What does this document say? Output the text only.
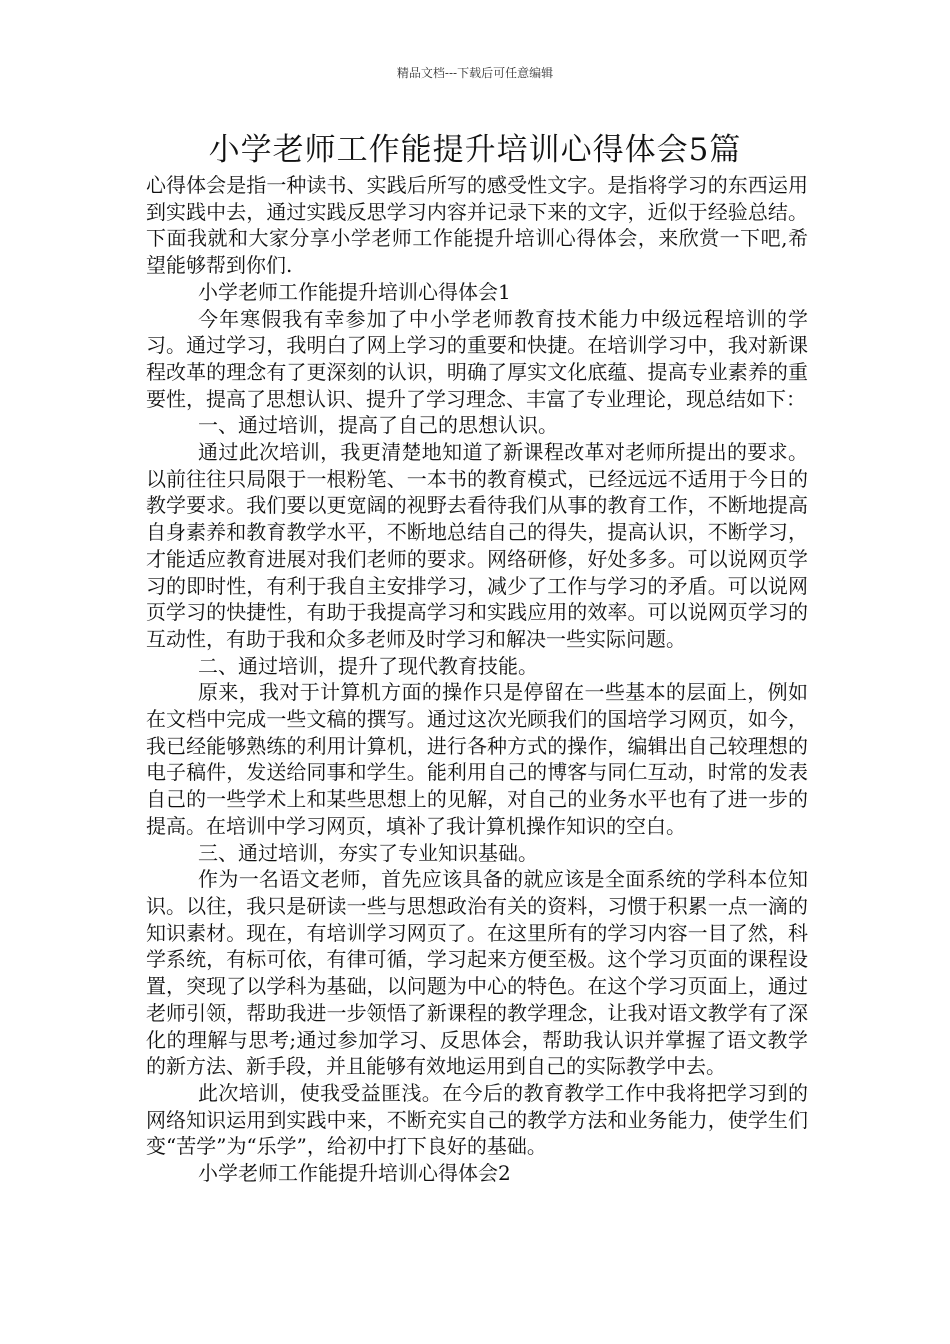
精品文档---下载后可任意编辑
小学老师工作能提升培训心得体会5篇

心得体会是指一种读书、实践后所写的感受性文字。是指将学习的东西运用到实践中去，通过实践反思学习内容并记录下来的文字，近似于经验总结。下面我就和大家分享小学老师工作能提升培训心得体会，来欣赏一下吧,希望能够帮到你们.

小学老师工作能提升培训心得体会1

今年寒假我有幸参加了中小学老师教育技术能力中级远程培训的学习。通过学习，我明白了网上学习的重要和快捷。在培训学习中，我对新课程改革的理念有了更深刻的认识，明确了厚实文化底蕴、提高专业素养的重要性，提高了思想认识、提升了学习理念、丰富了专业理论，现总结如下：

一、通过培训，提高了自己的思想认识。

通过此次培训，我更清楚地知道了新课程改革对老师所提出的要求。以前往往只局限于一根粉笔、一本书的教育模式，已经远远不适用于今日的教学要求。我们要以更宽阔的视野去看待我们从事的教育工作，不断地提高自身素养和教育教学水平，不断地总结自己的得失，提高认识，不断学习，才能适应教育进展对我们老师的要求。网络研修，好处多多。可以说网页学习的即时性，有利于我自主安排学习，减少了工作与学习的矛盾。可以说网页学习的快捷性，有助于我提高学习和实践应用的效率。可以说网页学习的互动性，有助于我和众多老师及时学习和解决一些实际问题。

二、通过培训，提升了现代教育技能。

原来，我对于计算机方面的操作只是停留在一些基本的层面上，例如在文档中完成一些文稿的撰写。通过这次光顾我们的国培学习网页，如今，我已经能够熟练的利用计算机，进行各种方式的操作，编辑出自己较理想的电子稿件，发送给同事和学生。能利用自己的博客与同仁互动，时常的发表自己的一些学术上和某些思想上的见解，对自己的业务水平也有了进一步的提高。在培训中学习网页，填补了我计算机操作知识的空白。

三、通过培训，夯实了专业知识基础。

作为一名语文老师，首先应该具备的就应该是全面系统的学科本位知识。以往，我只是研读一些与思想政治有关的资料，习惯于积累一点一滴的知识素材。现在，有培训学习网页了。在这里所有的学习内容一目了然，科学系统，有标可依，有律可循，学习起来方便至极。这个学习页面的课程设置，突现了以学科为基础，以问题为中心的特色。在这个学习页面上，通过老师引领，帮助我进一步领悟了新课程的教学理念，让我对语文教学有了深化的理解与思考;通过参加学习、反思体会，帮助我认识并掌握了语文教学的新方法、新手段，并且能够有效地运用到自己的实际教学中去。

此次培训，使我受益匪浅。在今后的教育教学工作中我将把学习到的网络知识运用到实践中来，不断充实自己的教学方法和业务能力，使学生们变“苦学”为“乐学”，给初中打下良好的基础。

小学老师工作能提升培训心得体会2
